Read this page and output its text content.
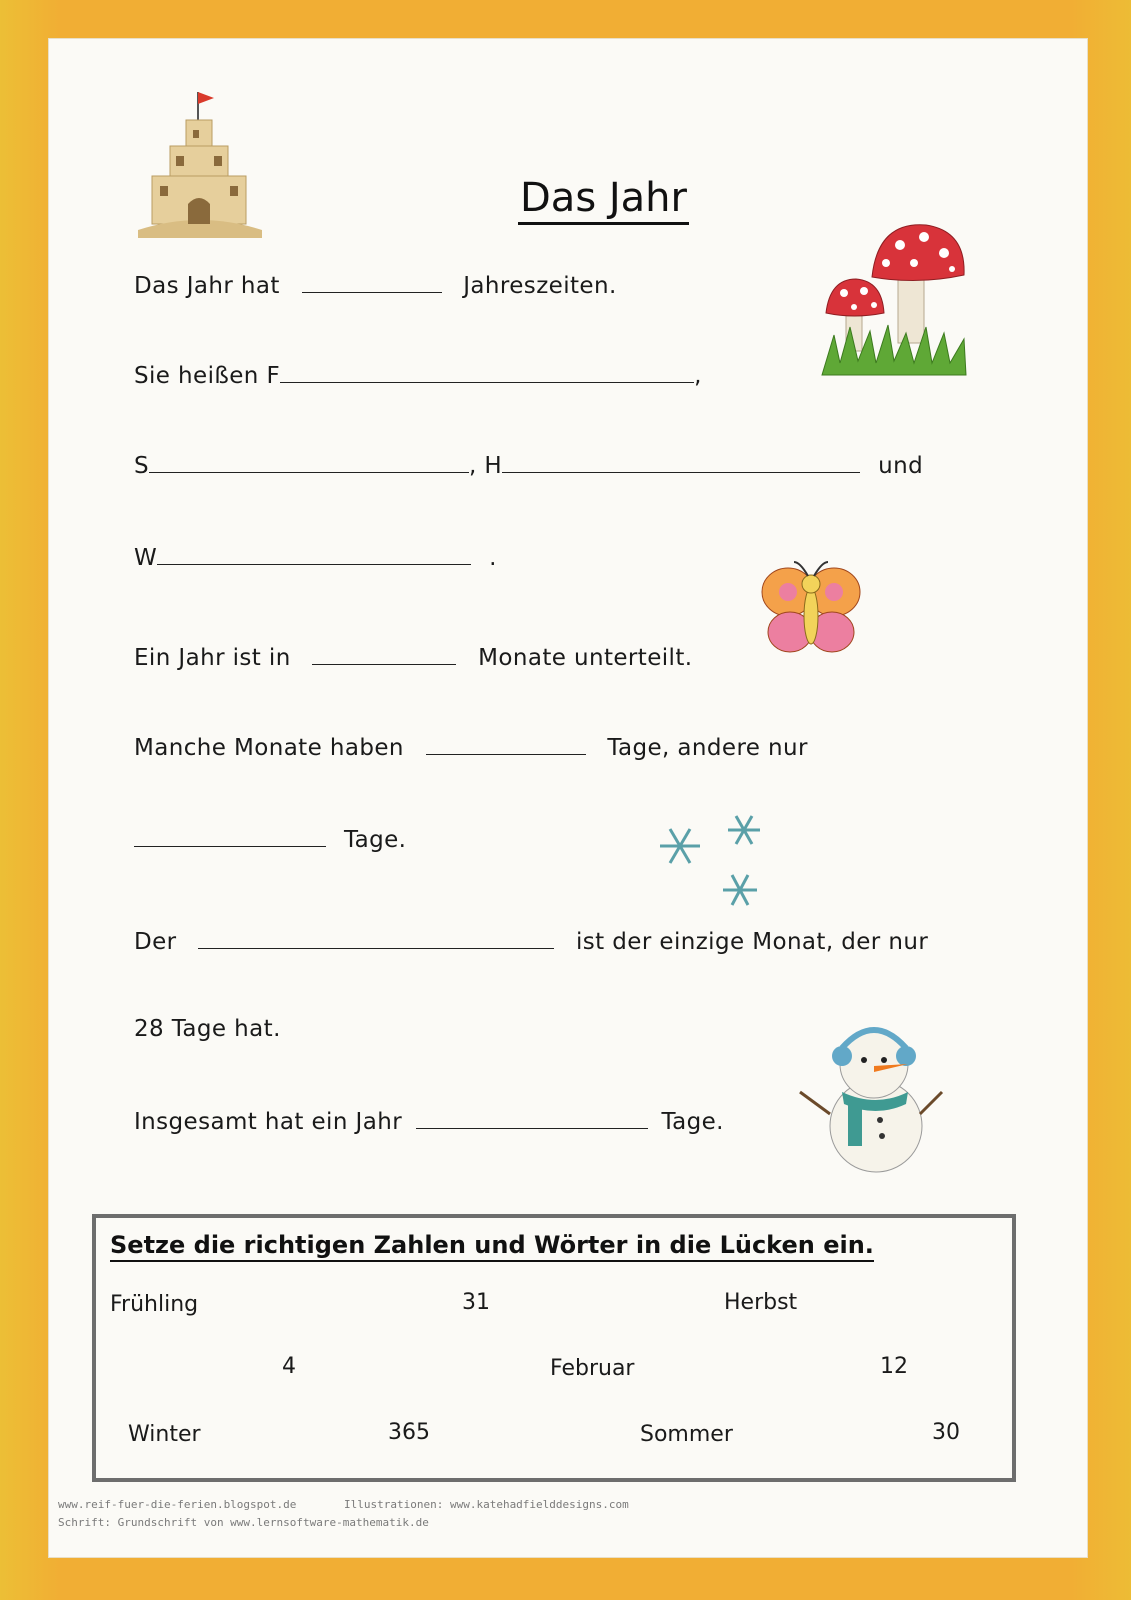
Das Jahr
Das Jahr hat	Jahreszeiten.
Sie heißen F	,
S	, H	und
W	.
Ein Jahr ist in	Monate unterteilt.
Manche Monate haben	Tage, andere nur
Tage.
Der	ist der einzige Monat, der nur
28 Tage hat.
Insgesamt hat ein Jahr	Tage.
www.reif-fuer-die-ferien.blogspot.de	Illustrationen: www.katehadfielddesigns.com
Schrift: Grundschrift von www.lernsoftware-mathematik.de
Setze die richtigen Zahlen und Wörter in die Lücken ein.
Frühling	31	Herbst
4	Februar	12
Winter	365	Sommer	30
